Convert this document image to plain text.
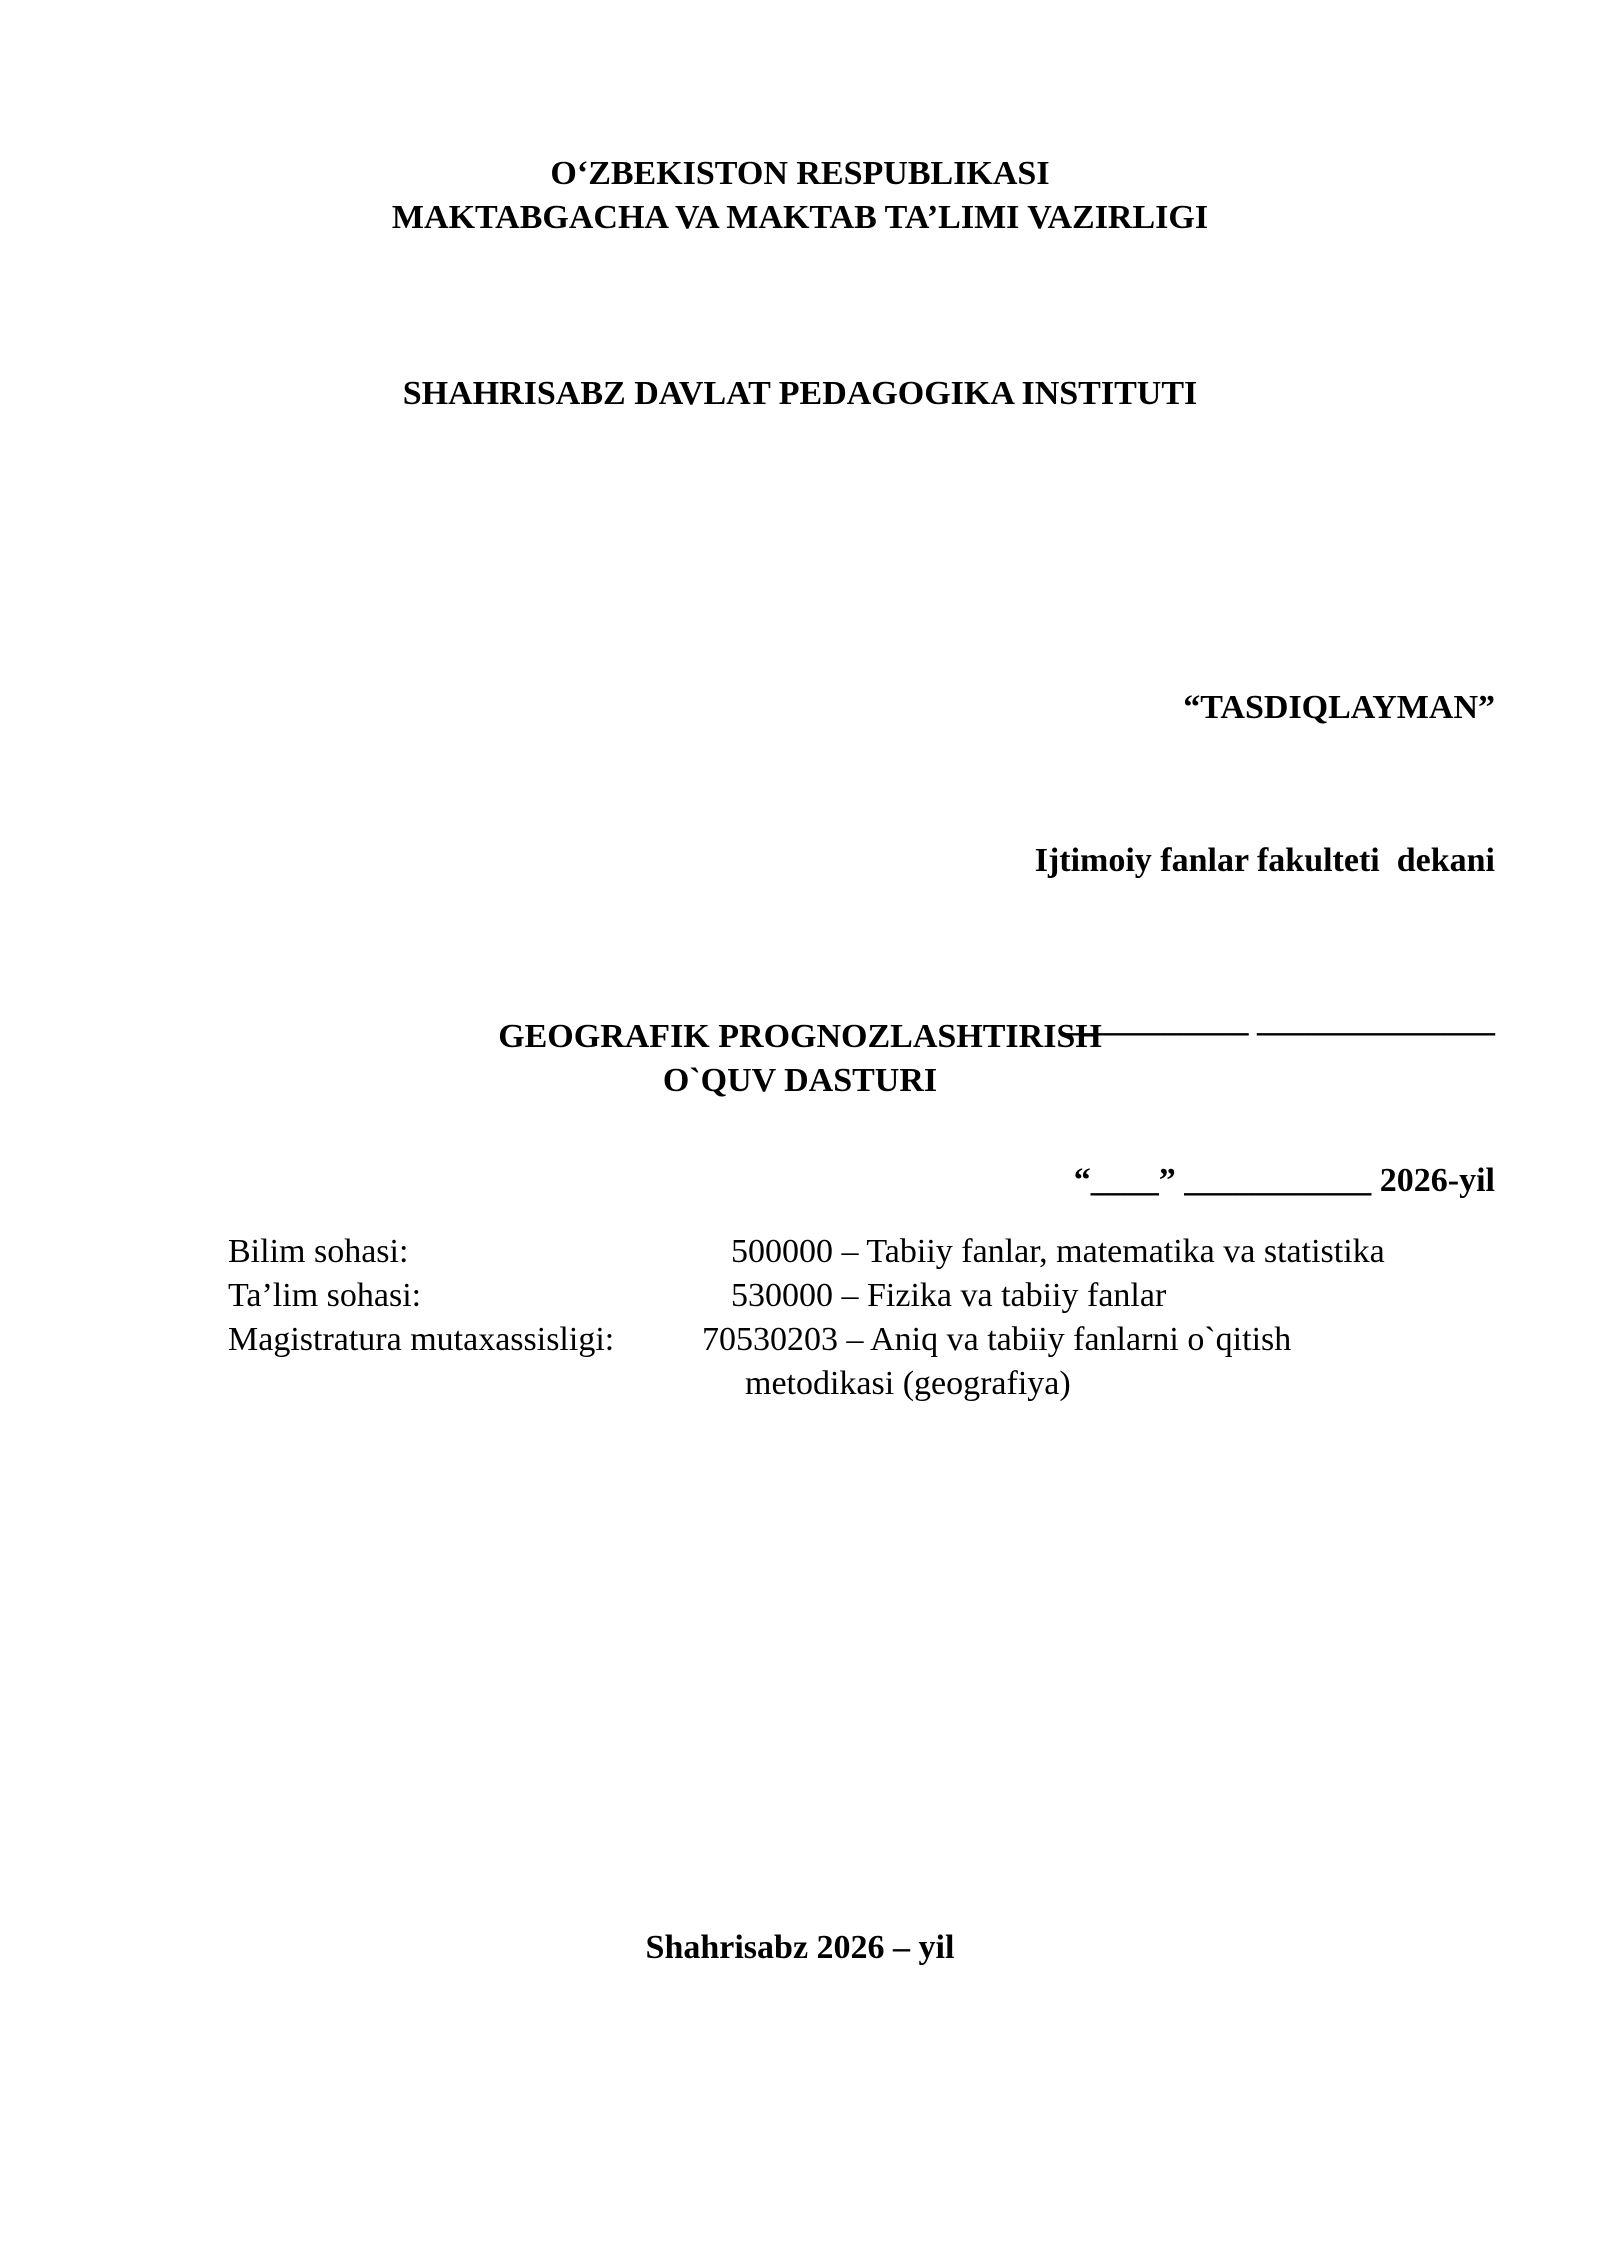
O‘ZBEKISTON RESPUBLIKASI
MAKTABGACHA VA MAKTAB TA’LIMI VAZIRLIGI
SHAHRISABZ DAVLAT PEDAGOGIKA INSTITUTI

“TASDIQLAYMAN”

Ijtimoiy fanlar fakulteti  dekani

___________ ______________

“____” ___________ 2026-yil

GEOGRAFIK PROGNOZLASHTIRISH
O`QUV DASTURI
Bilim sohasi:	500000 – Tabiiy fanlar, matematika va statistika
Ta’lim sohasi:	530000 – Fizika va tabiiy fanlar
Magistratura mutaxassisligi:	70530203 – Aniq va tabiiy fanlarni o`qitish
metodikasi (geografiya)
Shahrisabz 2026 – yil
